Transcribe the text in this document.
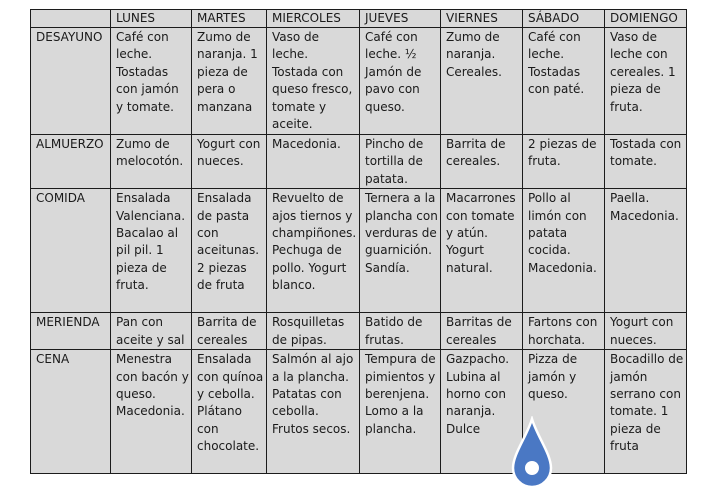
	LUNES	MARTES	MIERCOLES	JUEVES	VIERNES	SÁBADO	DOMIENGO
DESAYUNO	Café con leche. Tostadas con jamón y tomate.	Zumo de naranja. 1 pieza de pera o manzana	Vaso de leche. Tostada con queso fresco, tomate y aceite.	Café con leche. ½ Jamón de pavo con queso.	Zumo de naranja. Cereales.	Café con leche. Tostadas con paté.	Vaso de leche con cereales. 1 pieza de fruta.
ALMUERZO	Zumo de melocotón.	Yogurt con nueces.	Macedonia.	Pincho de tortilla de patata.	Barrita de cereales.	2 piezas de fruta.	Tostada con tomate.
COMIDA	Ensalada Valenciana. Bacalao al pil pil. 1 pieza de fruta.	Ensalada de pasta con aceitunas. 2 piezas de fruta	Revuelto de ajos tiernos y champiñones. Pechuga de pollo. Yogurt blanco.	Ternera a la plancha con verduras de guarnición. Sandía.	Macarrones con tomate y atún. Yogurt natural.	Pollo al limón con patata cocida. Macedonia.	Paella. Macedonia.
MERIENDA	Pan con aceite y sal	Barrita de cereales	Rosquilletas de pipas.	Batido de frutas.	Barritas de cereales	Fartons con horchata.	Yogurt con nueces.
CENA	Menestra con bacón y queso. Macedonia.	Ensalada con quínoa y cebolla. Plátano con chocolate.	Salmón al ajo a la plancha. Patatas con cebolla. Frutos secos.	Tempura de pimientos y berenjena. Lomo a la plancha.	Gazpacho. Lubina al horno con naranja. Dulce	Pizza de jamón y queso.	Bocadillo de jamón serrano con tomate. 1 pieza de fruta
